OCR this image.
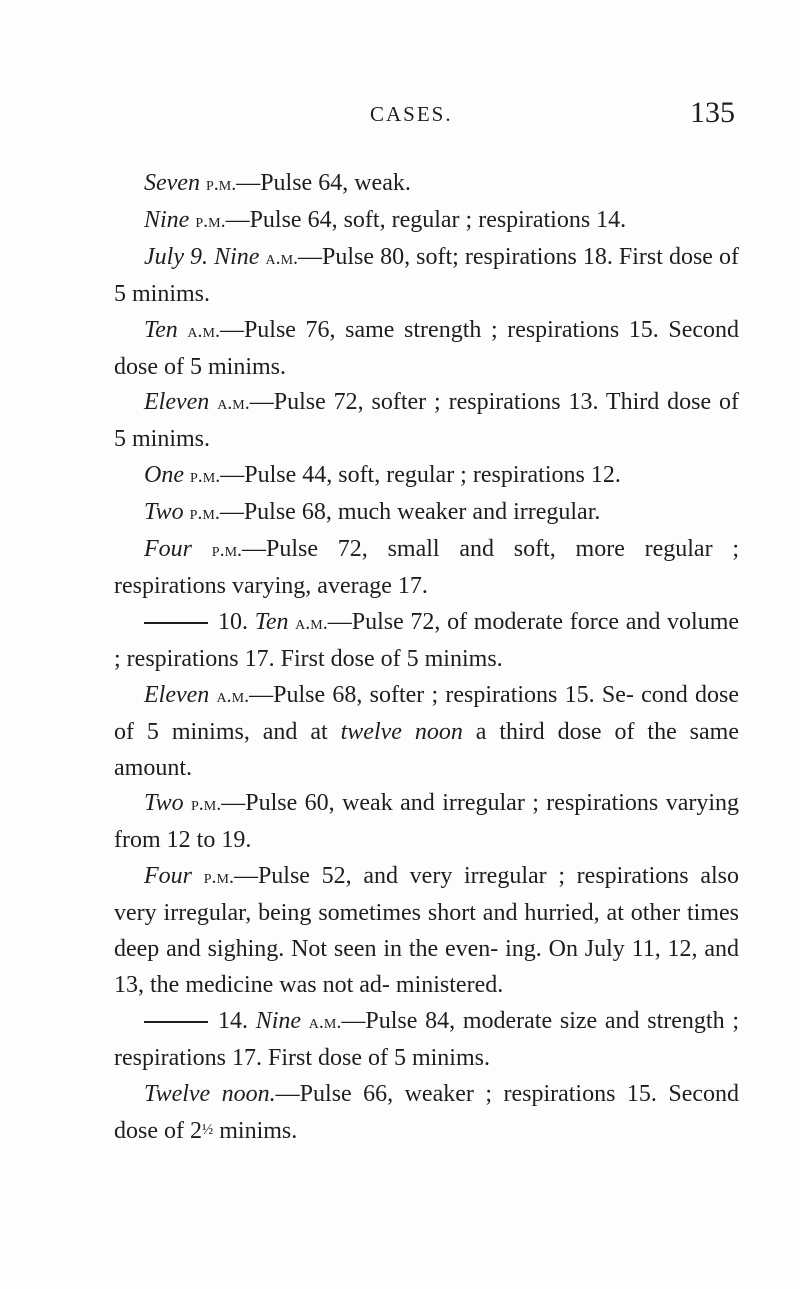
CASES.	135

Seven p.m.—Pulse 64, weak.

Nine p.m.—Pulse 64, soft, regular ; respirations 14.

July 9. Nine a.m.—Pulse 80, soft; respirations 18. First dose of 5 minims.

Ten a.m.—Pulse 76, same strength ; respirations 15. Second dose of 5 minims.

Eleven a.m.—Pulse 72, softer ; respirations 13. Third dose of 5 minims.

One p.m.—Pulse 44, soft, regular ; respirations 12.

Two p.m.—Pulse 68, much weaker and irregular.

Four p.m.—Pulse 72, small and soft, more regular ; respirations varying, average 17.

10. Ten a.m.—Pulse 72, of moderate force and volume ; respirations 17. First dose of 5 minims.

Eleven a.m.—Pulse 68, softer ; respirations 15. Se- cond dose of 5 minims, and at twelve noon a third dose of the same amount.

Two p.m.—Pulse 60, weak and irregular ; respirations varying from 12 to 19.

Four p.m.—Pulse 52, and very irregular ; respirations also very irregular, being sometimes short and hurried, at other times deep and sighing. Not seen in the even- ing. On July 11, 12, and 13, the medicine was not ad- ministered.

14. Nine a.m.—Pulse 84, moderate size and strength ; respirations 17. First dose of 5 minims.

Twelve noon.—Pulse 66, weaker ; respirations 15. Second dose of 2½ minims.
